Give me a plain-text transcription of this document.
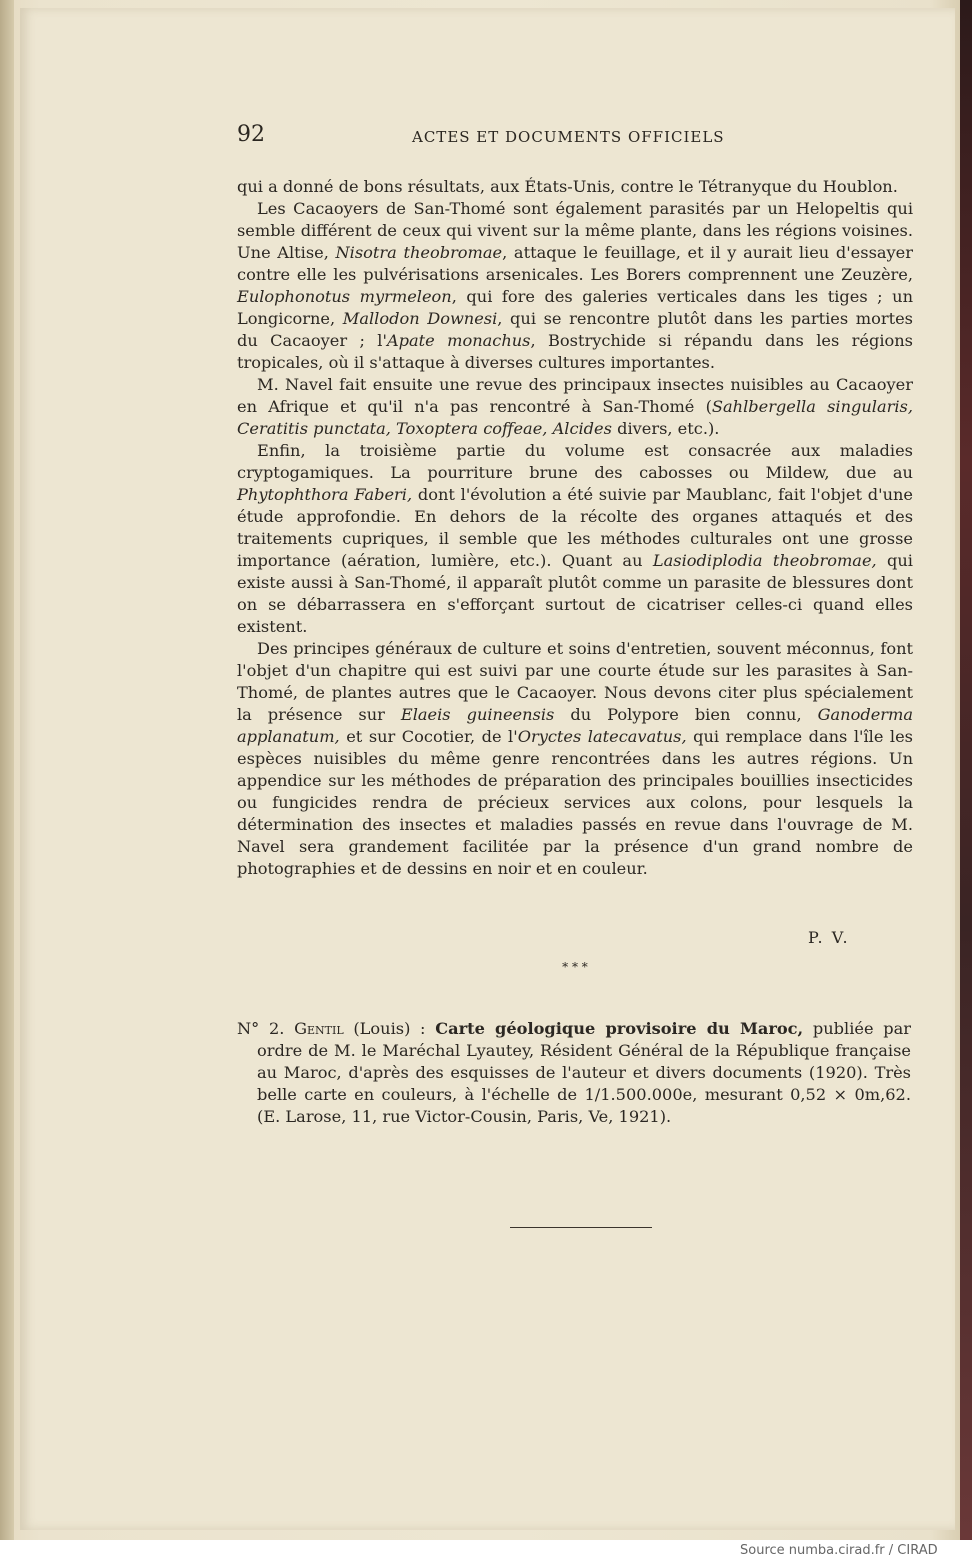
92	ACTES ET DOCUMENTS OFFICIELS

qui a donné de bons résultats, aux États-Unis, contre le Tétranyque du Houblon.

Les Cacaoyers de San-Thomé sont également parasités par un Helopeltis qui semble différent de ceux qui vivent sur la même plante, dans les régions voisines. Une Altise, Nisotra theobromae, attaque le feuillage, et il y aurait lieu d'essayer contre elle les pulvérisations arsenicales. Les Borers comprennent une Zeuzère, Eulophonotus myrmeleon, qui fore des galeries verticales dans les tiges ; un Longicorne, Mallodon Downesi, qui se rencontre plutôt dans les parties mortes du Cacaoyer ; l'Apate monachus, Bostrychide si répandu dans les régions tropicales, où il s'attaque à diverses cultures importantes.

M. Navel fait ensuite une revue des principaux insectes nuisibles au Cacaoyer en Afrique et qu'il n'a pas rencontré à San-Thomé (Sahlbergella singularis, Ceratitis punctata, Toxoptera coffeae, Alcides divers, etc.).

Enfin, la troisième partie du volume est consacrée aux maladies cryptogamiques. La pourriture brune des cabosses ou Mildew, due au Phytophthora Faberi, dont l'évolution a été suivie par Maublanc, fait l'objet d'une étude approfondie. En dehors de la récolte des organes attaqués et des traitements cupriques, il semble que les méthodes culturales ont une grosse importance (aération, lumière, etc.). Quant au Lasiodiplodia theobromae, qui existe aussi à San-Thomé, il apparaît plutôt comme un parasite de blessures dont on se débarrassera en s'efforçant surtout de cicatriser celles-ci quand elles existent.

Des principes généraux de culture et soins d'entretien, souvent méconnus, font l'objet d'un chapitre qui est suivi par une courte étude sur les parasites à San-Thomé, de plantes autres que le Cacaoyer. Nous devons citer plus spécialement la présence sur Elaeis guineensis du Polypore bien connu, Ganoderma applanatum, et sur Cocotier, de l'Oryctes latecavatus, qui remplace dans l'île les espèces nuisibles du même genre rencontrées dans les autres régions. Un appendice sur les méthodes de préparation des principales bouillies insecticides ou fungicides rendra de précieux services aux colons, pour lesquels la détermination des insectes et maladies passés en revue dans l'ouvrage de M. Navel sera grandement facilitée par la présence d'un grand nombre de photographies et de dessins en noir et en couleur.

P. V.
* * *
N° 2. Gentil (Louis) : Carte géologique provisoire du Maroc, publiée par ordre de M. le Maréchal Lyautey, Résident Général de la République française au Maroc, d'après des esquisses de l'auteur et divers documents (1920). Très belle carte en couleurs, à l'échelle de 1/1.500.000e, mesurant 0,52 × 0m,62. (E. Larose, 11, rue Victor-Cousin, Paris, Ve, 1921).
Source numba.cirad.fr / CIRAD
